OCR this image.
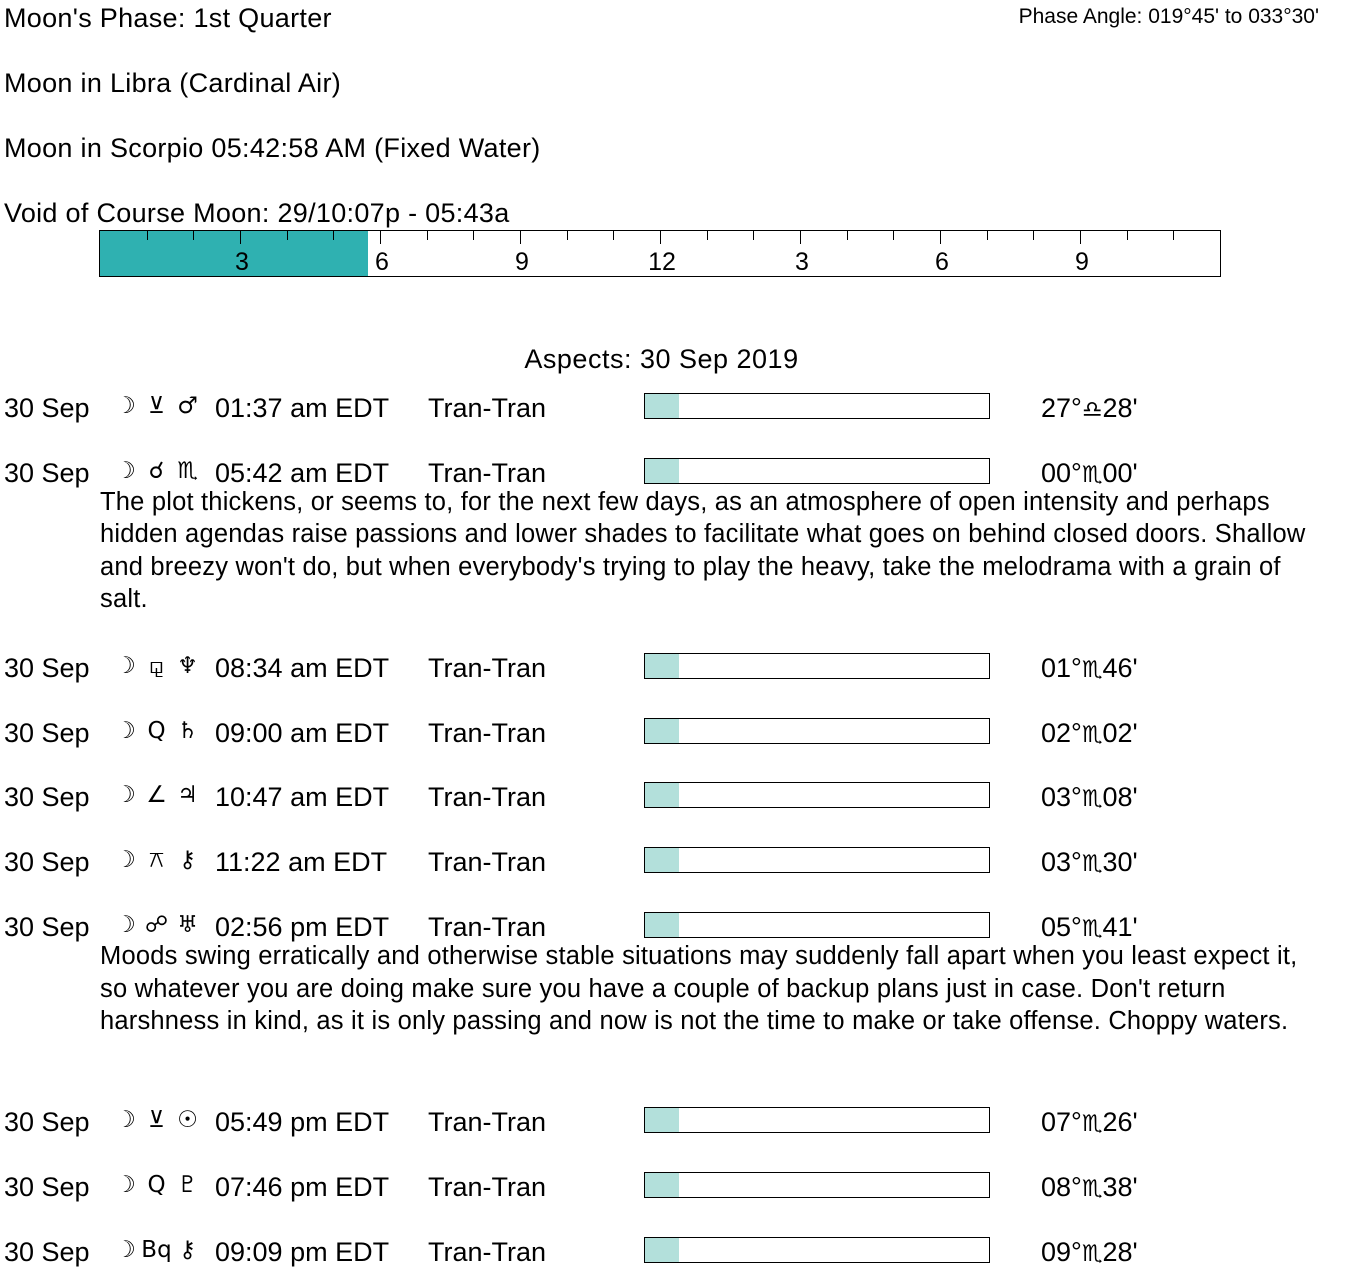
Moon's Phase: 1st Quarter	Phase Angle: 019°45' to 033°30'
Moon in Libra (Cardinal Air)
Moon in Scorpio 05:42:58 AM (Fixed Water)
Void of Course Moon: 29/10:07p - 05:43a
3	6	9	12	3	6	9
Aspects: 30 Sep 2019
30 Sep ☽ ⊻ ♂ 01:37 am EDT Tran-Tran	27°♎28'
30 Sep ☽ ☌ ♏ 05:42 am EDT Tran-Tran	00°♏00'
The plot thickens, or seems to, for the next few days, as an atmosphere of open intensity and perhaps hidden agendas raise passions and lower shades to facilitate what goes on behind closed doors. Shallow and breezy won't do, but when everybody's trying to play the heavy, take the melodrama with a grain of salt.
30 Sep ☽ ⚼ ♆ 08:34 am EDT Tran-Tran	01°♏46'
30 Sep ☽ Q ♄ 09:00 am EDT Tran-Tran	02°♏02'
30 Sep ☽ ∠ ♃ 10:47 am EDT Tran-Tran	03°♏08'
30 Sep ☽ ⚻ ⚷ 11:22 am EDT Tran-Tran	03°♏30'
30 Sep ☽ ☍ ♅ 02:56 pm EDT Tran-Tran	05°♏41'
Moods swing erratically and otherwise stable situations may suddenly fall apart when you least expect it, so whatever you are doing make sure you have a couple of backup plans just in case. Don't return harshness in kind, as it is only passing and now is not the time to make or take offense. Choppy waters.
30 Sep ☽ ⊻ ☉ 05:49 pm EDT Tran-Tran	07°♏26'
30 Sep ☽ Q ♇ 07:46 pm EDT Tran-Tran	08°♏38'
30 Sep ☽ Bq ⚷ 09:09 pm EDT Tran-Tran	09°♏28'
